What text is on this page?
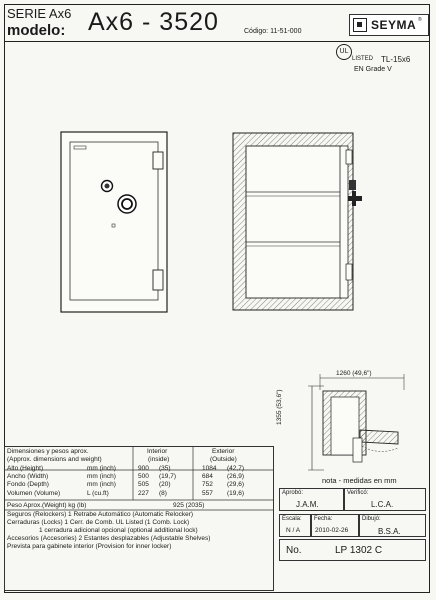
SERIE Ax6
modelo: Ax6 - 3520	Código: 11-51-000	SEYMA ®
UL
LISTED TL-15x6
EN Grade V
1260 (49,6")
1355 (53,6")
Dimensiones y pesos aprox.
(Approx. dimensions and weight)
Interior
(inside)
Exterior
(Outside)
Alto (Height)	mm (inch)	900 (35)	1084 (42,7)
Ancho (Width)	mm (inch)	500 (19,7)	684 (26,9)
Fondo (Depth)	mm (inch)	505 (20)	752 (29,6)
Volumen (Volume)	L (cu.ft)	227 (8)	557 (19,6)
Peso Aprox.(Weight) kg (lb)	925 (2035)
Seguros (Relockers) 1 Retrabe Automático (Automatic Relocker)
Cerraduras (Locks) 1 Cerr. de Comb. UL Listed (1 Comb. Lock)
1 cerradura adicional opcional (optional additional lock)
Accesorios (Accesories) 2 Estantes desplazables (Adjustable Shelves)
Prevista para gabinete interior (Provision for inner locker)
nota - medidas en mm
Aprobó:
J.A.M.
Verificó:
L.C.A.
Escala:
N / A
Fecha:
2010-02-26
Dibujó:
B.S.A.
No.	LP 1302 C
